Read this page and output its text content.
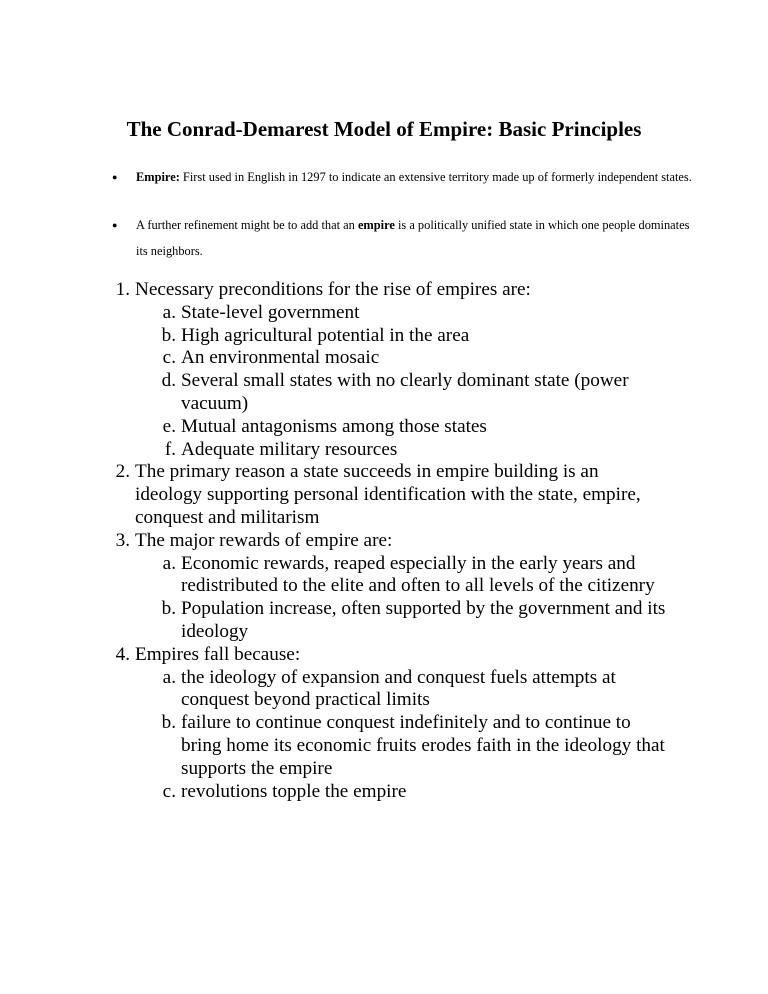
The Conrad-Demarest Model of Empire: Basic Principles
● Empire: First used in English in 1297 to indicate an extensive territory made up of formerly independent states.
● A further refinement might be to add that an empire is a politically unified state in which one people dominates its neighbors.
1. Necessary preconditions for the rise of empires are:
a. State-level government
b. High agricultural potential in the area
c. An environmental mosaic
d. Several small states with no clearly dominant state (power vacuum)
e. Mutual antagonisms among those states
f. Adequate military resources
2. The primary reason a state succeeds in empire building is an ideology supporting personal identification with the state, empire, conquest and militarism
3. The major rewards of empire are:
a. Economic rewards, reaped especially in the early years and redistributed to the elite and often to all levels of the citizenry
b. Population increase, often supported by the government and its ideology
4. Empires fall because:
a. the ideology of expansion and conquest fuels attempts at conquest beyond practical limits
b. failure to continue conquest indefinitely and to continue to bring home its economic fruits erodes faith in the ideology that supports the empire
c. revolutions topple the empire
